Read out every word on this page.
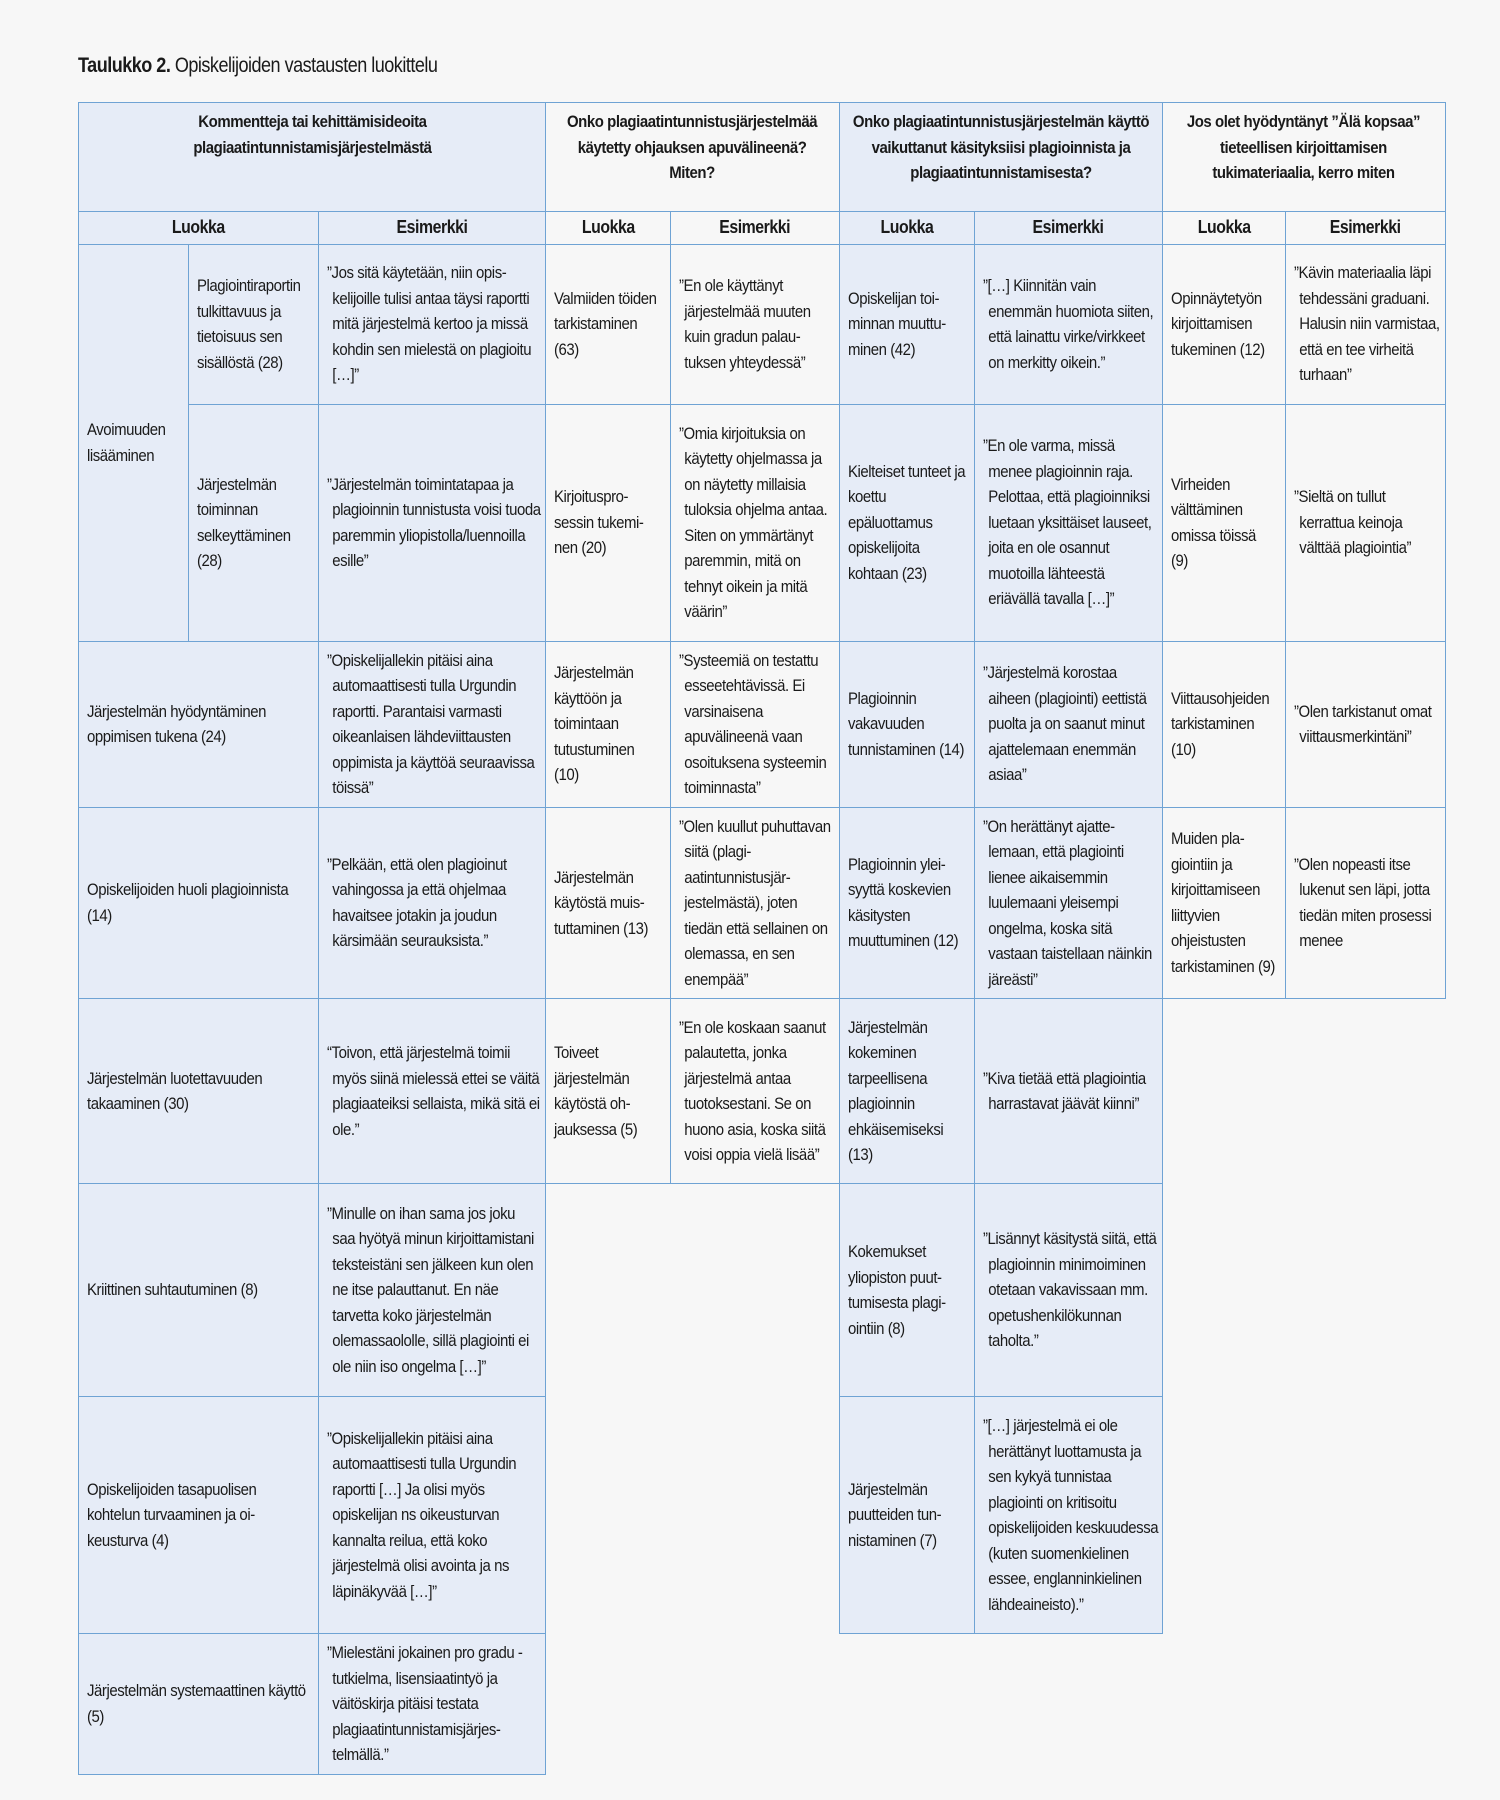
Taulukko 2. Opiskelijoiden vastausten luokittelu
Kommentteja tai kehittämisideoita plagiaatintunnistamisjärjestelmästä			Onko plagiaatintunnistusjärjestelmää käytetty ohjauksen apuvälineenä? Miten?		Onko plagiaatintunnistusjärjestelmän käyttö vaikuttanut käsityksiisi plagioinnista ja plagiaatintunnistamisesta?		Jos olet hyödyntänyt ”Älä kopsaa” tieteellisen kirjoittamisen tukimateriaalia, kerro miten	

Luokka		Esimerkki	Luokka	Esimerkki	Luokka	Esimerkki	Luokka	Esimerkki

Avoimuuden lisääminen	Plagiointiraportin tulkittavuus ja tietoisuus sen sisällöstä (28)	”Jos sitä käytetään, niin opiskelijoille tulisi antaa täysi raportti mitä järjestelmä kertoo ja missä kohdin sen mielestä on plagioitu […]”	Valmiiden töiden tarkistaminen (63)	”En ole käyttänyt järjestelmää muuten kuin gradun palautuksen yhteydessä”	Opiskelijan toiminnan muuttuminen (42)	”[…] Kiinnitän vain enemmän huomiota siiten, että lainattu virke/virkkeet on merkitty oikein.”	Opinnäytetyön kirjoittamisen tukeminen (12)	”Kävin materiaalia läpi tehdessäni graduani. Halusin niin varmistaa, että en tee virheitä turhaan”

	Järjestelmän toiminnan selkeyttäminen (28)	”Järjestelmän toimintatapaa ja plagioinnin tunnistusta voisi tuoda paremmin yliopistolla/luennoilla esille”	Kirjoitusprosessin tukeminen (20)	”Omia kirjoituksia on käytetty ohjelmassa ja on näytetty millaisia tuloksia ohjelma antaa. Siten on ymmärtänyt paremmin, mitä on tehnyt oikein ja mitä väärin”	Kielteiset tunteet ja koettu epäluottamus opiskelijoita kohtaan (23)	”En ole varma, missä menee plagioinnin raja. Pelottaa, että plagioinniksi luetaan yksittäiset lauseet, joita en ole osannut muotoilla lähteestä eriävällä tavalla […]”	Virheiden välttäminen omissa töissä (9)	”Sieltä on tullut kerrattua keinoja välttää plagiointia”

Järjestelmän hyödyntäminen oppimisen tukena (24)		”Opiskelijallekin pitäisi aina automaattisesti tulla Urgundin raportti. Parantaisi varmasti oikeanlaisen lähdeviittausten oppimista ja käyttöä seuraavissa töissä”	Järjestelmän käyttöön ja toimintaan tutustuminen (10)	”Systeemiä on testattu esseetehtävissä. Ei varsinaisena apuvälineenä vaan osoituksena systeemin toiminnasta”	Plagioinnin vakavuuden tunnistaminen (14)	”Järjestelmä korostaa aiheen (plagiointi) eettistä puolta ja on saanut minut ajattelemaan enemmän asiaa”	Viittausohjeiden tarkistaminen (10)	”Olen tarkistanut omat viittausmerkintäni”

Opiskelijoiden huoli plagioinnista (14)		”Pelkään, että olen plagioinut vahingossa ja että ohjelmaa havaitsee jotakin ja joudun kärsimään seurauksista.”	Järjestelmän käytöstä muistuttaminen (13)	”Olen kuullut puhuttavan siitä (plagiaatintunnistusjärjestelmästä), joten tiedän että sellainen on olemassa, en sen enempää”	Plagioinnin yleisyyttä koskevien käsitysten muuttuminen (12)	”On herättänyt ajattelemaan, että plagiointi lienee aikaisemmin luulemaani yleisempi ongelma, koska sitä vastaan taistellaan näinkin järeästi”	Muiden plagiointiin ja kirjoittamiseen liittyvien ohjeistusten tarkistaminen (9)	”Olen nopeasti itse lukenut sen läpi, jotta tiedän miten prosessi menee

Järjestelmän luotettavuuden takaaminen (30)		“Toivon, että järjestelmä toimii myös siinä mielessä ettei se väitä plagiaateiksi sellaista, mikä sitä ei ole.”	Toiveet järjestelmän käytöstä ohjauksessa (5)	”En ole koskaan saanut palautetta, jonka järjestelmä antaa tuotoksestani. Se on huono asia, koska siitä voisi oppia vielä lisää”	Järjestelmän kokeminen tarpeellisena plagioinnin ehkäisemiseksi (13)	”Kiva tietää että plagiointia harrastavat jäävät kiinni”		

Kriittinen suhtautuminen (8)		”Minulle on ihan sama jos joku saa hyötyä minun kirjoittamistani teksteistäni sen jälkeen kun olen ne itse palauttanut. En näe tarvetta koko järjestelmän olemassaololle, sillä plagiointi ei ole niin iso ongelma […]”			Kokemukset yliopiston puuttumisesta plagiointiin (8)	”Lisännyt käsitystä siitä, että plagioinnin minimoiminen otetaan vakavissaan mm. opetushenkilökunnan taholta.”		

Opiskelijoiden tasapuolisen kohtelun turvaaminen ja oikeusturva (4)		”Opiskelijallekin pitäisi aina automaattisesti tulla Urgundin raportti […] Ja olisi myös opiskelijan ns oikeusturvan kannalta reilua, että koko järjestelmä olisi avointa ja ns läpinäkyvää […]”			Järjestelmän puutteiden tunnistaminen (7)	”[…] järjestelmä ei ole herättänyt luottamusta ja sen kykyä tunnistaa plagiointi on kritisoitu opiskelijoiden keskuudessa (kuten suomenkielinen essee, englanninkielinen lähdeaineisto).”		

Järjestelmän systemaattinen käyttö (5)		”Mielestäni jokainen pro gradu -tutkielma, lisensiaatintyö ja väitöskirja pitäisi testata plagiaatintunnistamisjärjestelmällä.”						
